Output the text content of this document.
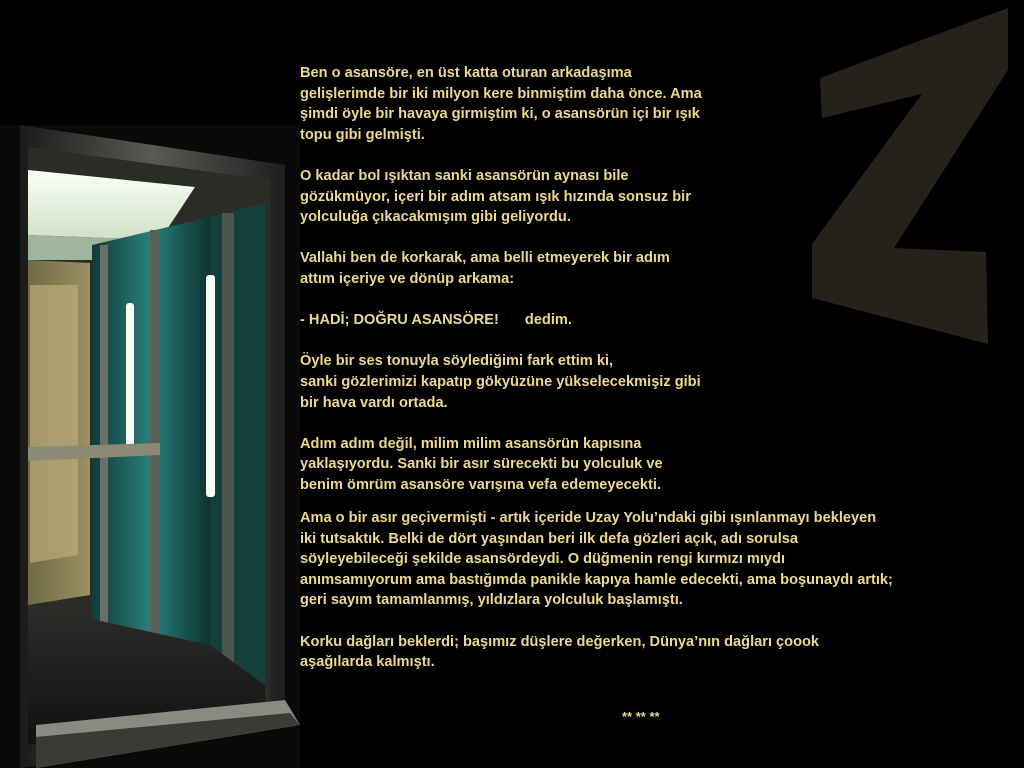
Ben o asansöre, en üst katta oturan arkadaşıma
gelişlerimde bir iki milyon kere binmiştim daha önce. Ama
şimdi öyle bir havaya girmiştim ki, o asansörün içi bir ışık
topu gibi gelmişti.
O kadar bol ışıktan sanki asansörün aynası bile
gözükmüyor, içeri bir adım atsam ışık hızında sonsuz bir
yolculuğa çıkacakmışım gibi geliyordu.
Vallahi ben de korkarak, ama belli etmeyerek bir adım
attım içeriye ve dönüp arkama:
- HADİ; DOĞRU ASANSÖRE! dedim.
Öyle bir ses tonuyla söylediğimi fark ettim ki,
sanki gözlerimizi kapatıp gökyüzüne yükselecekmişiz gibi
bir hava vardı ortada.
Adım adım değil, milim milim asansörün kapısına
yaklaşıyordu. Sanki bir asır sürecekti bu yolculuk ve
benim ömrüm asansöre varışına vefa edemeyecekti.
Ama o bir asır geçivermişti - artık içeride Uzay Yolu’ndaki gibi ışınlanmayı bekleyen
iki tutsaktık. Belki de dört yaşından beri ilk defa gözleri açık, adı sorulsa
söyleyebileceği şekilde asansördeydi. O düğmenin rengi kırmızı mıydı
anımsamıyorum ama bastığımda panikle kapıya hamle edecekti, ama boşunaydı artık;
geri sayım tamamlanmış, yıldızlara yolculuk başlamıştı.
Korku dağları beklerdi; başımız düşlere değerken, Dünya’nın dağları çoook
aşağılarda kalmıştı.
** ** **
